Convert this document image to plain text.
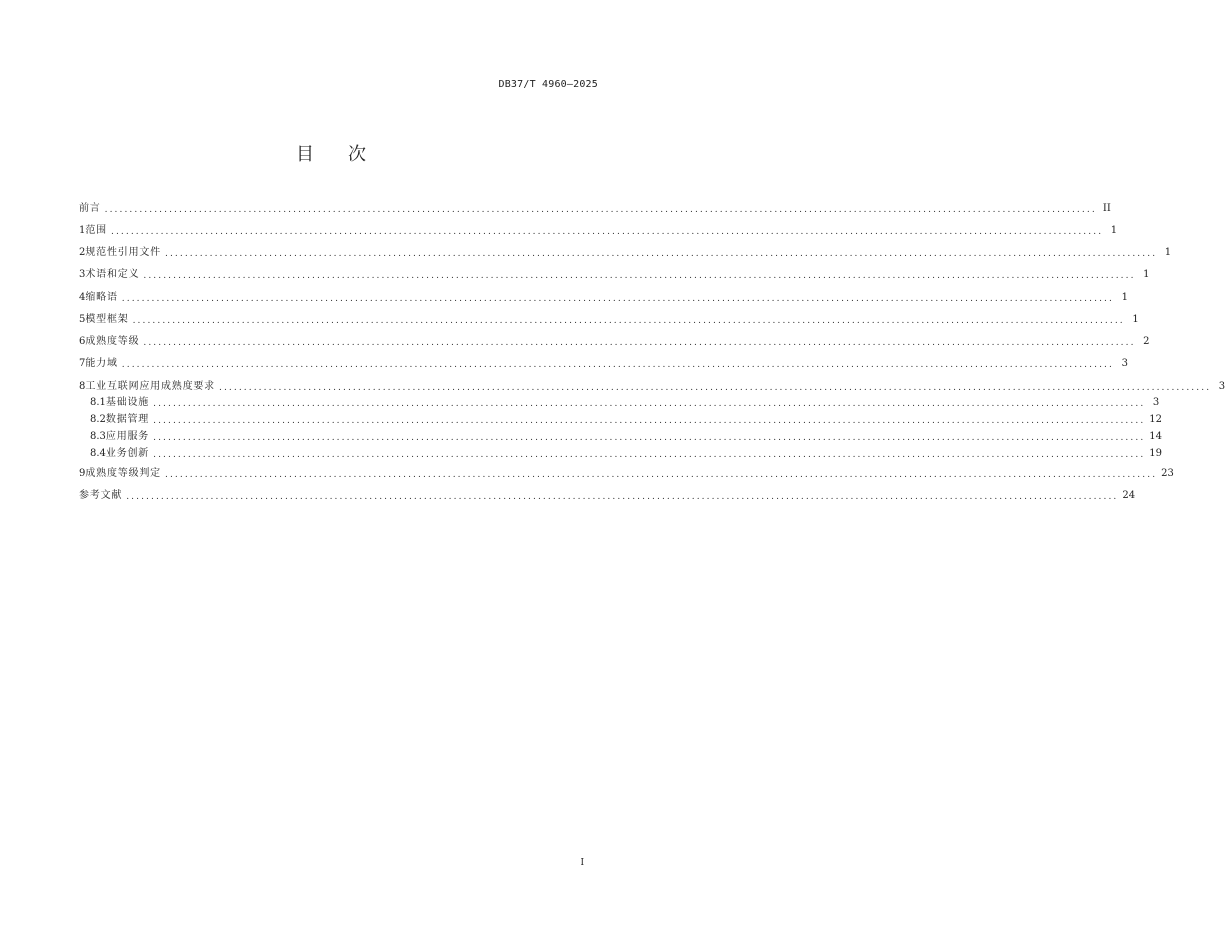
DB37/T 4960—2025
目 次
前言 ........................................................................................................................................................................................................ II
1 范围 ........................................................................................................................................................................................................ 1
2 规范性引用文件 ........................................................................................................................................................................................................ 1
3 术语和定义 ........................................................................................................................................................................................................ 1
4 缩略语 ........................................................................................................................................................................................................ 1
5 模型框架 ........................................................................................................................................................................................................ 1
6 成熟度等级 ........................................................................................................................................................................................................ 2
7 能力域 ........................................................................................................................................................................................................ 3
8 工业互联网应用成熟度要求 ........................................................................................................................................................................................................ 3
8.1 基础设施 ........................................................................................................................................................................................................ 3
8.2 数据管理 ........................................................................................................................................................................................................ 12
8.3 应用服务 ........................................................................................................................................................................................................ 14
8.4 业务创新 ........................................................................................................................................................................................................ 19
9 成熟度等级判定 ........................................................................................................................................................................................................ 23
参考文献 ........................................................................................................................................................................................................ 24
I
